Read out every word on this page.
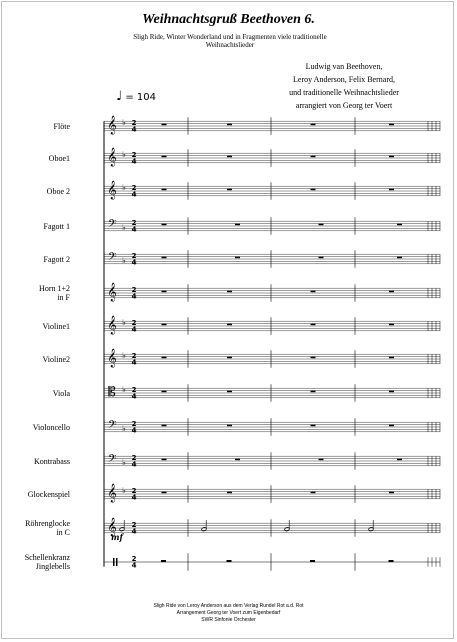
Weihnachtsgruß Beethoven 6.
Sligh Ride, Winter Wonderland und in Fragmenten viele traditionelle Weihnachtslieder
Ludwig van Beethoven,
Leroy Anderson, Felix Bernard,
und traditionelle Weihnachtslieder
arrangiert von Georg ter Voert
♩ = 104
Flöte
Oboe1
Oboe 2
Fagott 1
Fagott 2
Horn 1+2
in F
Violine1
Violine2
Viola
Violoncello
Kontrabass
Glockenspiel
Röhrenglocke
in C
Schellenkranz
Jinglebells
𝄞 ♭ 2
4
𝄞 ♭ 2
4
𝄞 ♭ 2
4
𝄢 ♭ 2
4
𝄢 ♭ 2
4
𝄞 2
4
𝄞 ♭ 2
4
𝄞 ♭ 2
4
𝄡 ♭ 2
4
𝄢 ♭ 2
4
𝄢 ♭ 2
4
𝄞 ♭ 2
4
𝄞 2
4
2
4
mf
Sligh Ride von Leroy Anderson aus dem Verlag Rundel Rot a.d. Rot
Arrangement Georg ter Voert zum Eigenbedarf
SWR Sinfonie Orchester
